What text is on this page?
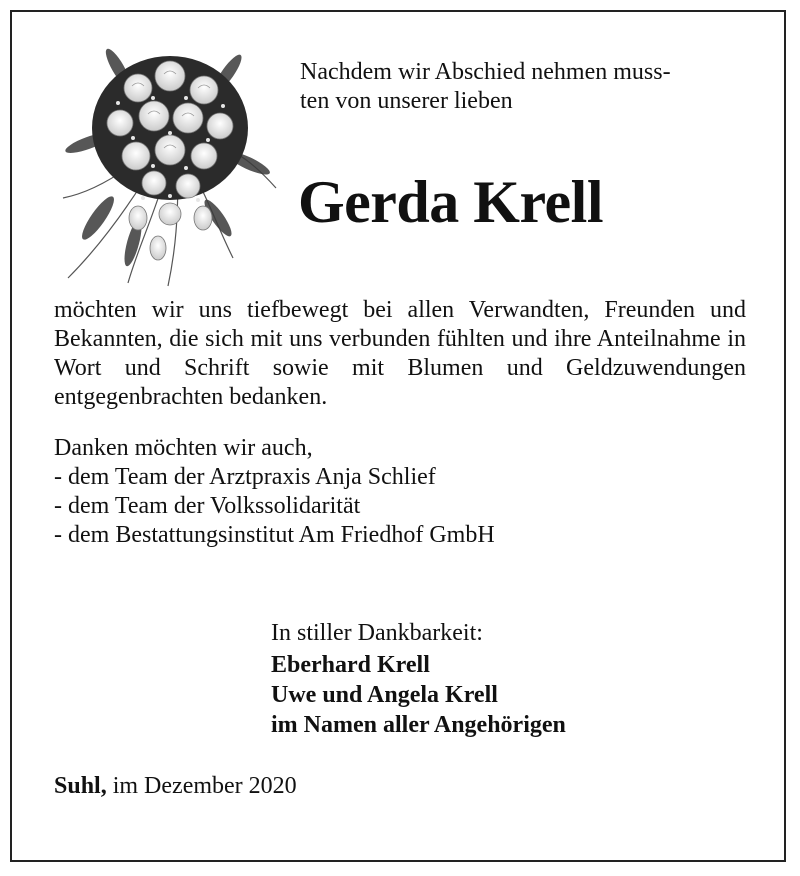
Nachdem wir Abschied nehmen muss-

ten von unserer lieben

Gerda Krell

möchten wir uns tiefbewegt bei allen Verwandten, Freunden und Bekannten, die sich mit uns verbunden fühlten und ihre Anteilnahme in Wort und Schrift sowie mit Blumen und Geldzuwendungen entgegenbrachten bedanken.

Danken möchten wir auch,
- dem Team der Arztpraxis Anja Schlief
- dem Team der Volkssolidarität
- dem Bestattungsinstitut Am Friedhof GmbH
In stiller Dankbarkeit:
Eberhard Krell
Uwe und Angela Krell
im Namen aller Angehörigen
Suhl, im Dezember 2020
